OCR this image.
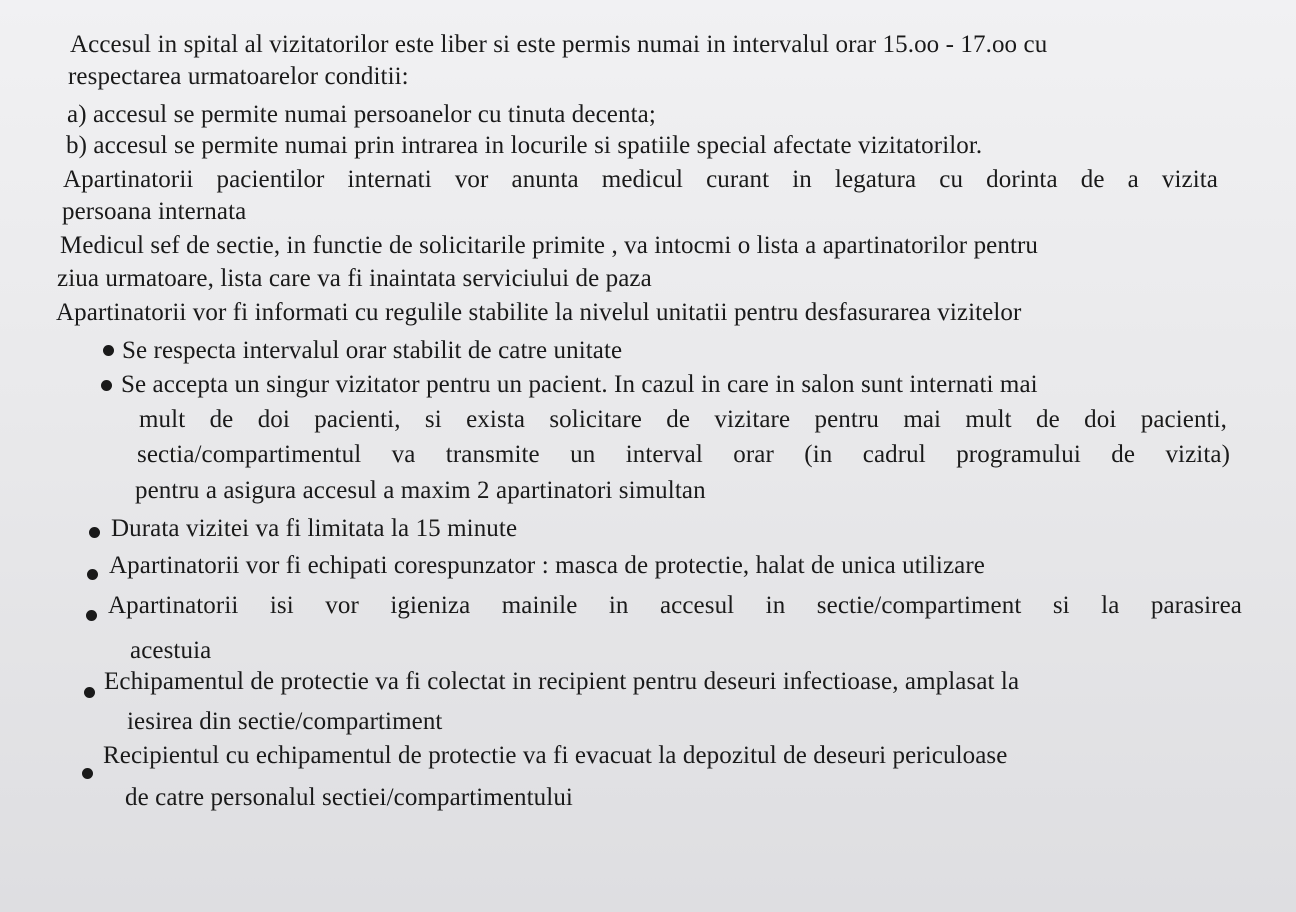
Accesul in spital al vizitatorilor este liber si este permis numai in intervalul orar 15.oo - 17.oo cu
respectarea urmatoarelor conditii:
a) accesul se permite numai persoanelor cu tinuta decenta;
b) accesul se permite numai prin intrarea in locurile si spatiile special afectate vizitatorilor.
Apartinatorii pacientilor internati vor anunta medicul curant in legatura cu dorinta de a vizita
persoana internata
Medicul sef de sectie, in functie de solicitarile primite , va intocmi o lista a apartinatorilor pentru
ziua urmatoare, lista care va fi inaintata serviciului de paza
Apartinatorii vor fi informati cu regulile stabilite la nivelul unitatii pentru desfasurarea vizitelor
Se respecta intervalul orar stabilit de catre unitate
Se accepta un singur vizitator pentru un pacient. In cazul in care in salon sunt internati mai
mult de doi pacienti, si exista solicitare de vizitare pentru mai mult de doi pacienti,
sectia/compartimentul va transmite un interval orar (in cadrul programului de vizita)
pentru a asigura accesul a maxim 2 apartinatori simultan
Durata vizitei va fi limitata la 15 minute
Apartinatorii vor fi echipati corespunzator : masca de protectie, halat de unica utilizare
Apartinatorii isi vor igieniza mainile in accesul in sectie/compartiment si la parasirea
acestuia
Echipamentul de protectie va fi colectat in recipient pentru deseuri infectioase, amplasat la
iesirea din sectie/compartiment
Recipientul cu echipamentul de protectie va fi evacuat la depozitul de deseuri periculoase
de catre personalul sectiei/compartimentului
